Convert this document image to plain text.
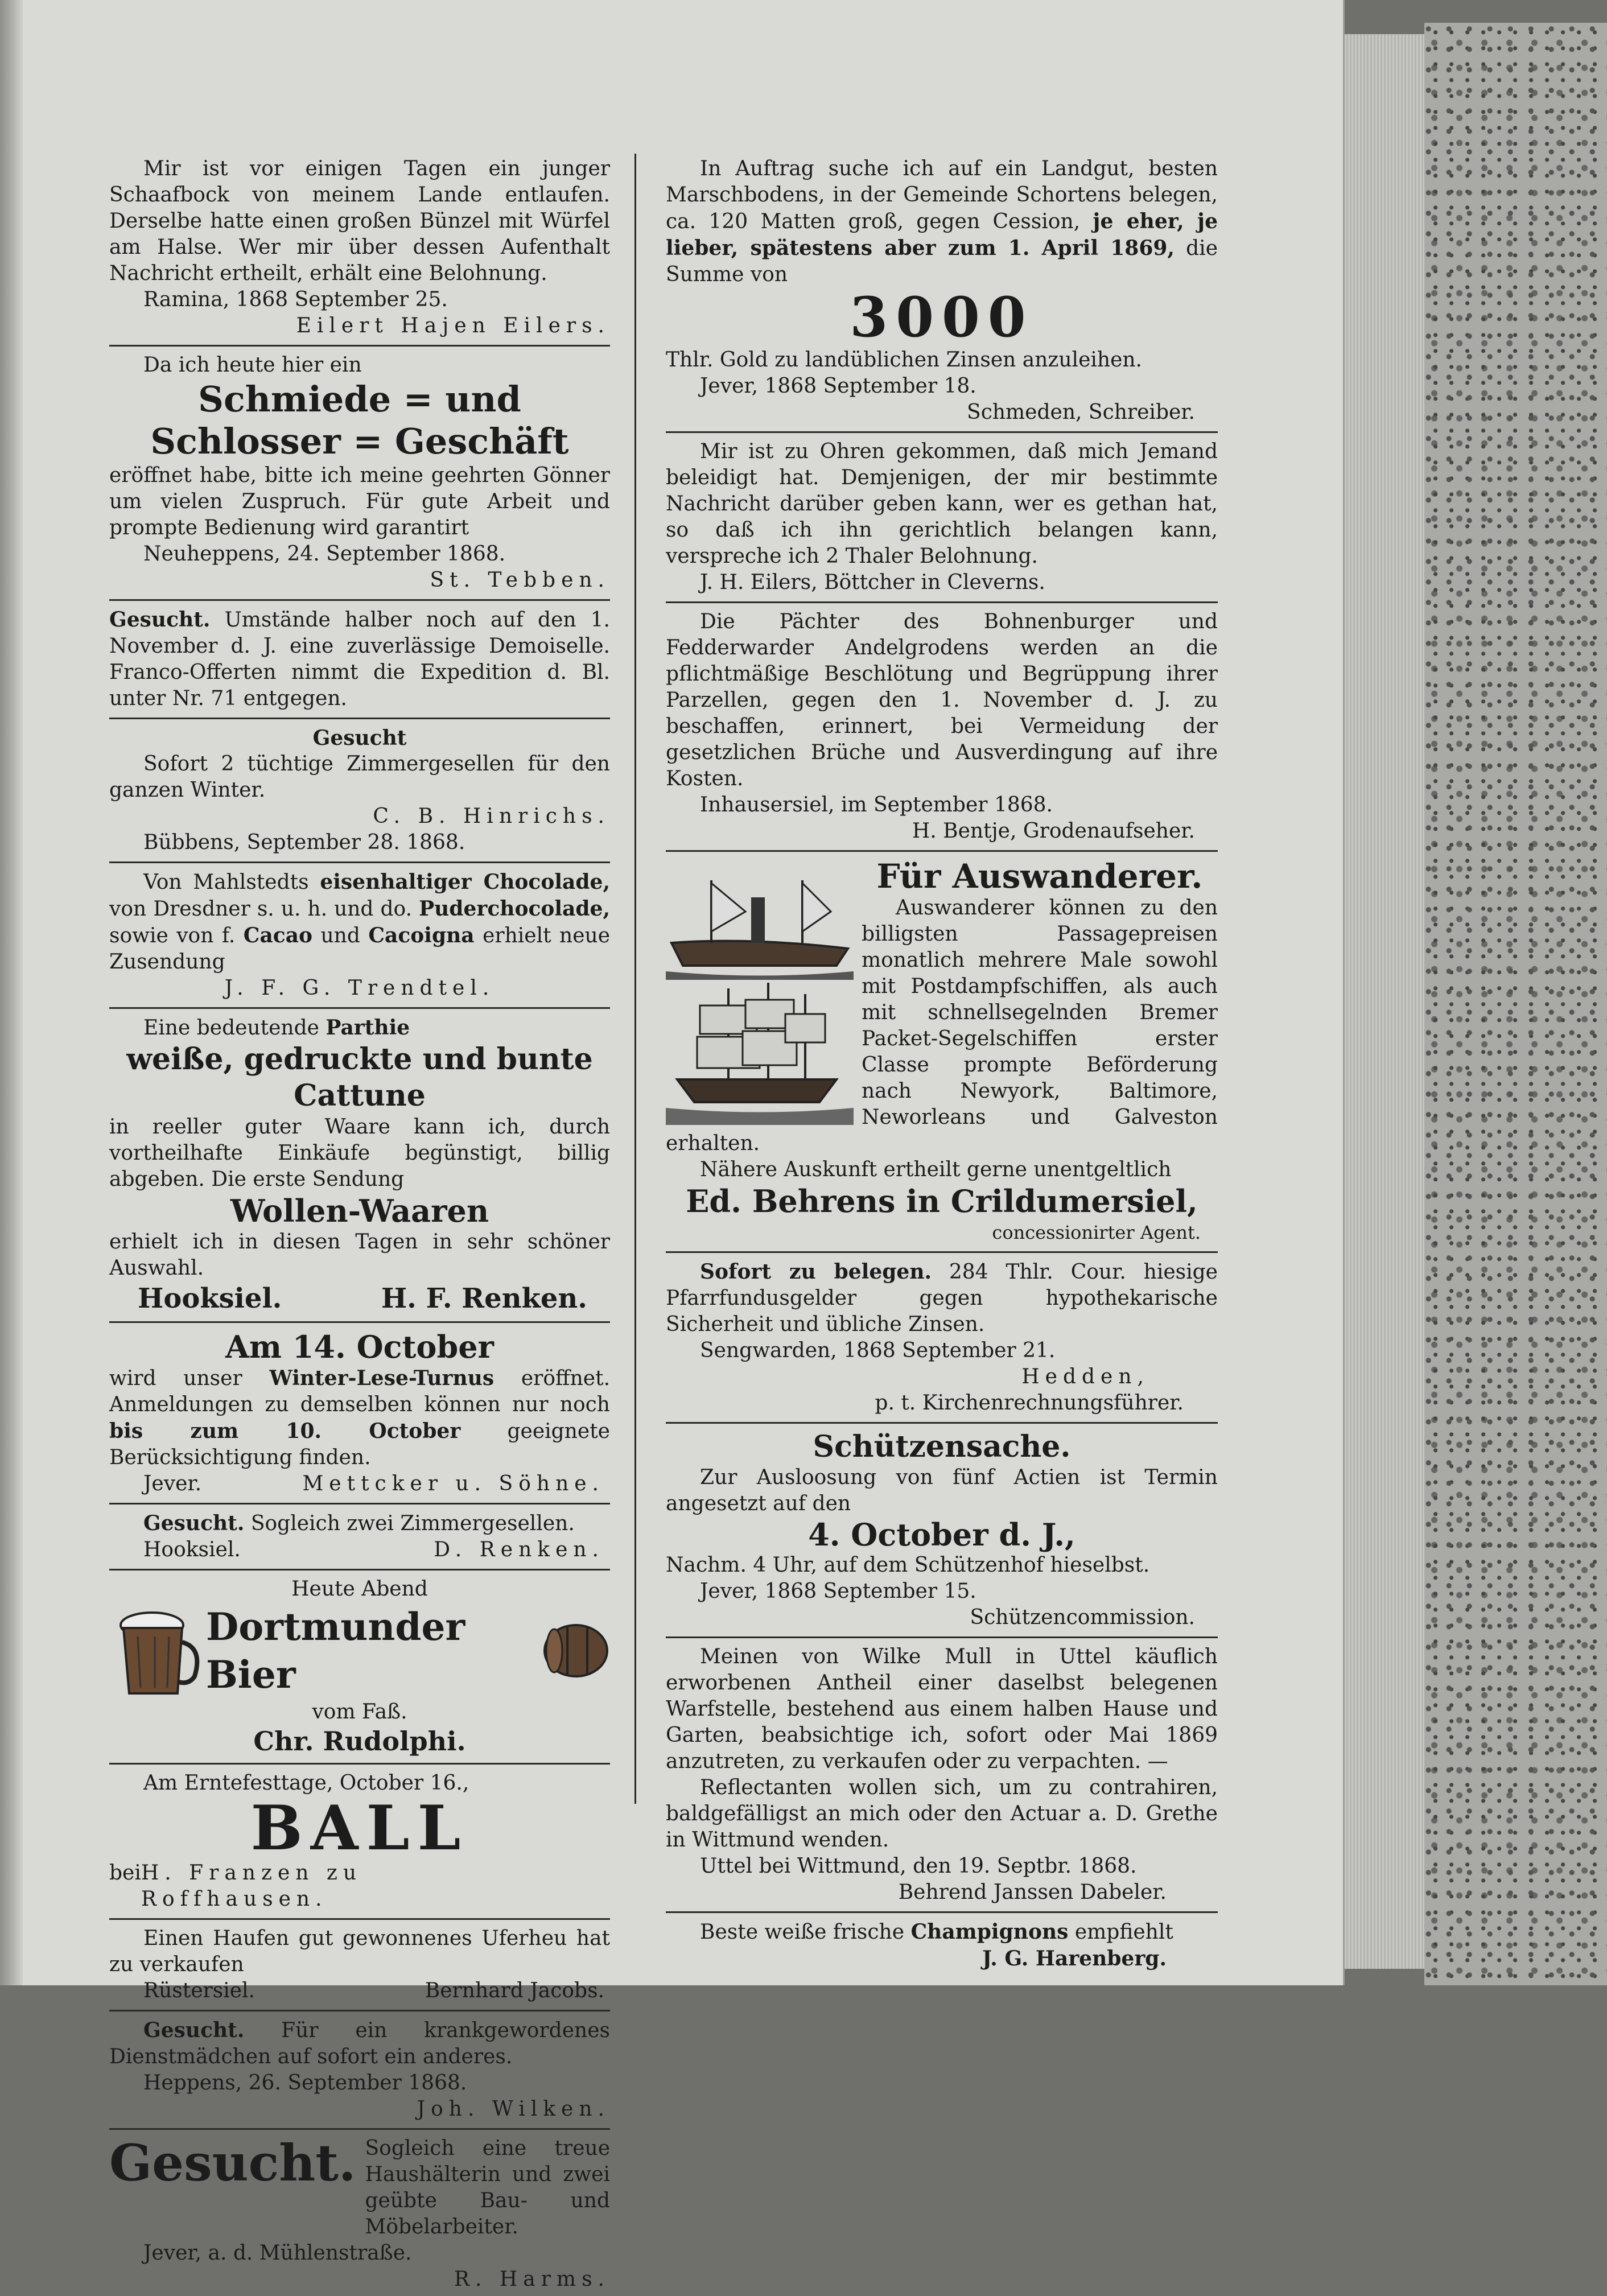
Mir ist vor einigen Tagen ein junger Schaafbock von meinem Lande entlaufen. Derselbe hatte einen großen Bünzel mit Würfel am Halse. Wer mir über dessen Aufenthalt Nachricht ertheilt, erhält eine Belohnung.

Ramina, 1868 September 25.

Eilert Hajen Eilers.

Da ich heute hier ein

Schmiede = und Schlosser = Geschäft

eröffnet habe, bitte ich meine geehrten Gönner um vielen Zuspruch. Für gute Arbeit und prompte Bedienung wird garantirt

Neuheppens, 24. September 1868.

St. Tebben.

Gesucht. Umstände halber noch auf den 1. November d. J. eine zuverlässige Demoiselle. Franco-Offerten nimmt die Expedition d. Bl. unter Nr. 71 entgegen.

Gesucht

Sofort 2 tüchtige Zimmergesellen für den ganzen Winter.

C. B. Hinrichs.

Bübbens, September 28. 1868.

Von Mahlstedts eisenhaltiger Chocolade, von Dresdner s. u. h. und do. Puderchocolade, sowie von f. Cacao und Cacoigna erhielt neue Zusendung

J. F. G. Trendtel.

Eine bedeutende Parthie

weiße, gedruckte und bunte Cattune

in reeller guter Waare kann ich, durch vortheilhafte Einkäufe begünstigt, billig abgeben. Die erste Sendung

Wollen-Waaren

erhielt ich in diesen Tagen in sehr schöner Auswahl.

Hooksiel.	H. F. Renken.

Am 14. October

wird unser Winter-Lese-Turnus eröffnet. Anmeldungen zu demselben können nur noch bis zum 10. October geeignete Berücksichtigung finden.

Jever.	Mettcker u. Söhne.

Gesucht. Sogleich zwei Zimmergesellen.

Hooksiel.	D. Renken.

Heute Abend

Dortmunder Bier

vom Faß.

Chr. Rudolphi.

Am Erntefesttage, October 16.,

BALL

bei H. Franzen zu Roffhausen.

Einen Haufen gut gewonnenes Uferheu hat zu verkaufen

Rüstersiel.	Bernhard Jacobs.

Gesucht. Für ein krankgewordenes Dienstmädchen auf sofort ein anderes.

Heppens, 26. September 1868.

Joh. Wilken.

Gesucht. Sogleich eine treue Haushälterin und zwei geübte Bau- und Möbelarbeiter.

Jever, a. d. Mühlenstraße.

R. Harms.

In Auftrag suche ich auf ein Landgut, besten Marschbodens, in der Gemeinde Schortens belegen, ca. 120 Matten groß, gegen Cession, je eher, je lieber, spätestens aber zum 1. April 1869, die Summe von

3000

Thlr. Gold zu landüblichen Zinsen anzuleihen.

Jever, 1868 September 18.

Schmeden, Schreiber.

Mir ist zu Ohren gekommen, daß mich Jemand beleidigt hat. Demjenigen, der mir bestimmte Nachricht darüber geben kann, wer es gethan hat, so daß ich ihn gerichtlich belangen kann, verspreche ich 2 Thaler Belohnung.

J. H. Eilers, Böttcher in Cleverns.

Die Pächter des Bohnenburger und Fedderwarder Andelgrodens werden an die pflichtmäßige Beschlötung und Begrüppung ihrer Parzellen, gegen den 1. November d. J. zu beschaffen, erinnert, bei Vermeidung der gesetzlichen Brüche und Ausverdingung auf ihre Kosten.

Inhausersiel, im September 1868.

H. Bentje, Grodenaufseher.

Für Auswanderer.

Auswanderer können zu den billigsten Passagepreisen monatlich mehrere Male sowohl mit Postdampfschiffen, als auch mit schnellsegelnden Bremer Packet-Segelschiffen erster Classe prompte Beförderung nach Newyork, Baltimore, Neworleans und Galveston erhalten.

Nähere Auskunft ertheilt gerne unentgeltlich

Ed. Behrens in Crildumersiel,

concessionirter Agent.

Sofort zu belegen. 284 Thlr. Cour. hiesige Pfarrfundusgelder gegen hypothekarische Sicherheit und übliche Zinsen.

Sengwarden, 1868 September 21.

Hedden,

p. t. Kirchenrechnungsführer.

Schützensache.

Zur Ausloosung von fünf Actien ist Termin angesetzt auf den

4. October d. J.,

Nachm. 4 Uhr, auf dem Schützenhof hieselbst.

Jever, 1868 September 15.

Schützencommission.

Meinen von Wilke Mull in Uttel käuflich erworbenen Antheil einer daselbst belegenen Warfstelle, bestehend aus einem halben Hause und Garten, beabsichtige ich, sofort oder Mai 1869 anzutreten, zu verkaufen oder zu verpachten. —

Reflectanten wollen sich, um zu contrahiren, baldgefälligst an mich oder den Actuar a. D. Grethe in Wittmund wenden.

Uttel bei Wittmund, den 19. Septbr. 1868.

Behrend Janssen Dabeler.

Beste weiße frische Champignons empfiehlt

J. G. Harenberg.
